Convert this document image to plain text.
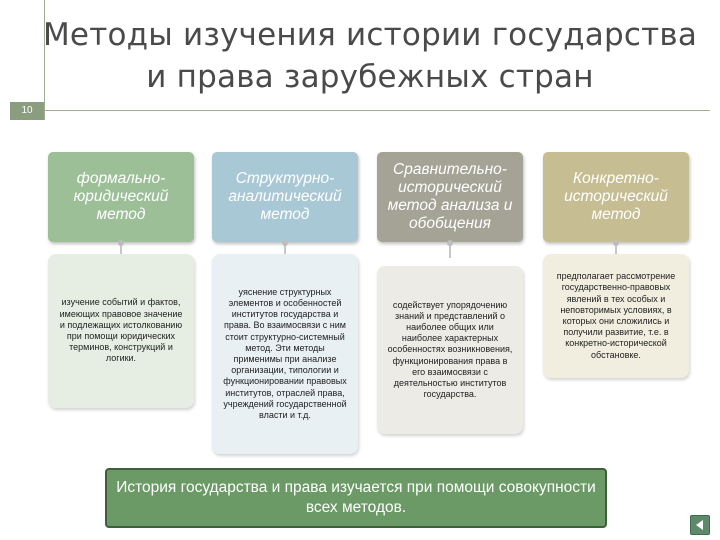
Методы изучения истории государства и права зарубежных стран
10
формально-юридический метод
изучение событий и фактов, имеющих правовое значение и подлежащих истолкованию при помощи юридических терминов, конструкций и логики.
Структурно-аналитический метод
уяснение структурных элементов и особенностей институтов государства и права. Во взаимосвязи с ним стоит структурно-системный метод. Эти методы применимы при анализе организации, типологии и функционировании правовых институтов, отраслей права, учреждений государственной власти и т.д.
Сравнительно-исторический метод анализа и обобщения
содействует упорядочению знаний и представлений о наиболее общих или наиболее характерных особенностях возникновения, функционирования права в его взаимосвязи с деятельностью институтов государства.
Конкретно-исторический метод
предполагает рассмотрение государственно-правовых явлений в тех особых и неповторимых условиях, в которых они сложились и получили развитие, т.е. в конкретно-исторической обстановке.
История государства и права изучается при помощи совокупности всех методов.
